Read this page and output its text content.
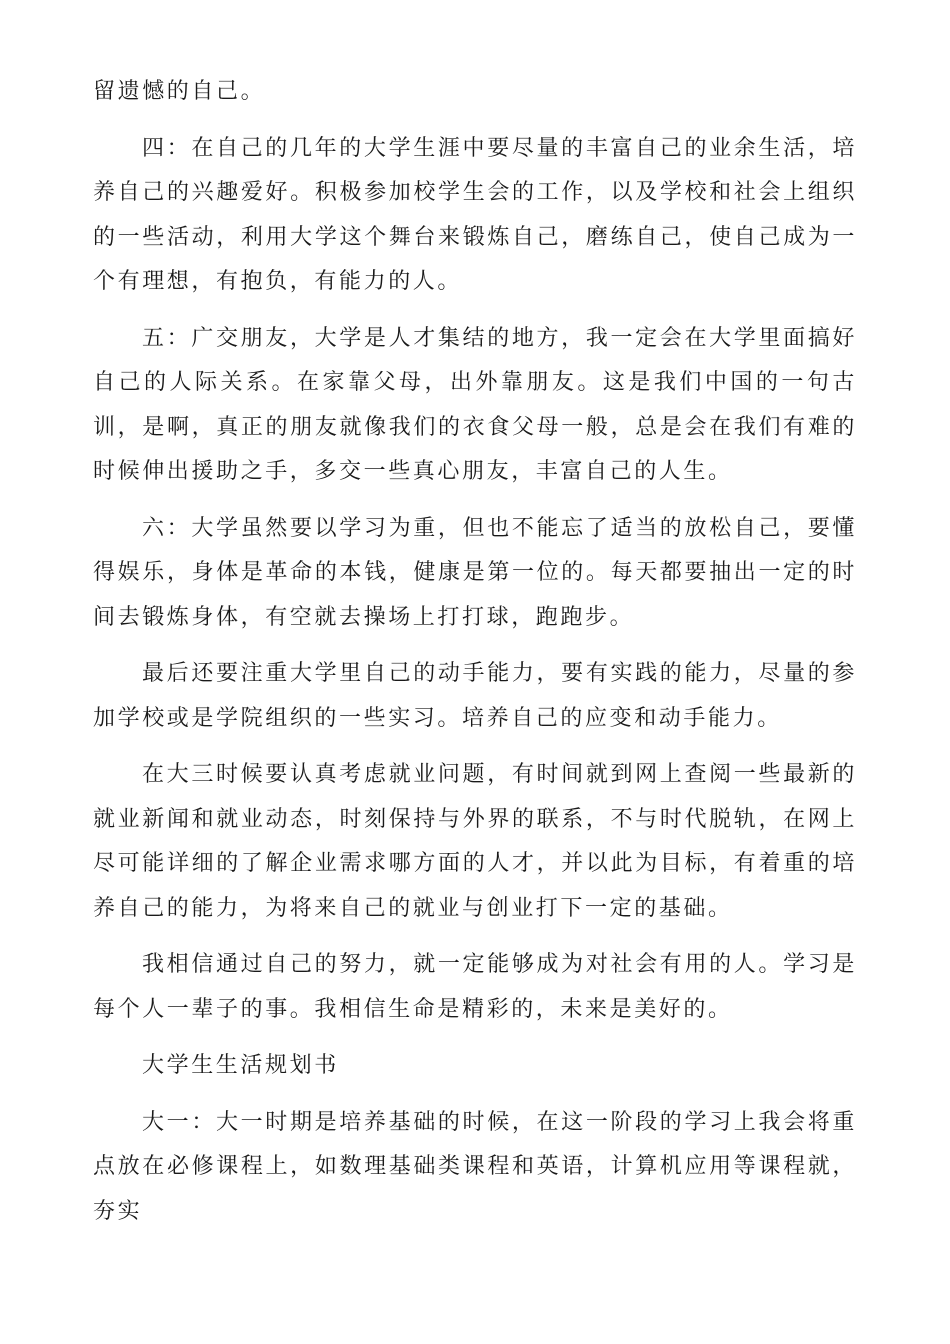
留遗憾的自己。

四：在自己的几年的大学生涯中要尽量的丰富自己的业余生活，培养自己的兴趣爱好。积极参加校学生会的工作，以及学校和社会上组织的一些活动，利用大学这个舞台来锻炼自己，磨练自己，使自己成为一个有理想，有抱负，有能力的人。

五：广交朋友，大学是人才集结的地方，我一定会在大学里面搞好自己的人际关系。在家靠父母，出外靠朋友。这是我们中国的一句古训，是啊，真正的朋友就像我们的衣食父母一般，总是会在我们有难的时候伸出援助之手，多交一些真心朋友，丰富自己的人生。

六：大学虽然要以学习为重，但也不能忘了适当的放松自己，要懂得娱乐，身体是革命的本钱，健康是第一位的。每天都要抽出一定的时间去锻炼身体，有空就去操场上打打球，跑跑步。

最后还要注重大学里自己的动手能力，要有实践的能力，尽量的参加学校或是学院组织的一些实习。培养自己的应变和动手能力。

在大三时候要认真考虑就业问题，有时间就到网上查阅一些最新的就业新闻和就业动态，时刻保持与外界的联系，不与时代脱轨，在网上尽可能详细的了解企业需求哪方面的人才，并以此为目标，有着重的培养自己的能力，为将来自己的就业与创业打下一定的基础。

我相信通过自己的努力，就一定能够成为对社会有用的人。学习是每个人一辈子的事。我相信生命是精彩的，未来是美好的。

大学生生活规划书

大一：大一时期是培养基础的时候，在这一阶段的学习上我会将重点放在必修课程上，如数理基础类课程和英语，计算机应用等课程就，夯实
